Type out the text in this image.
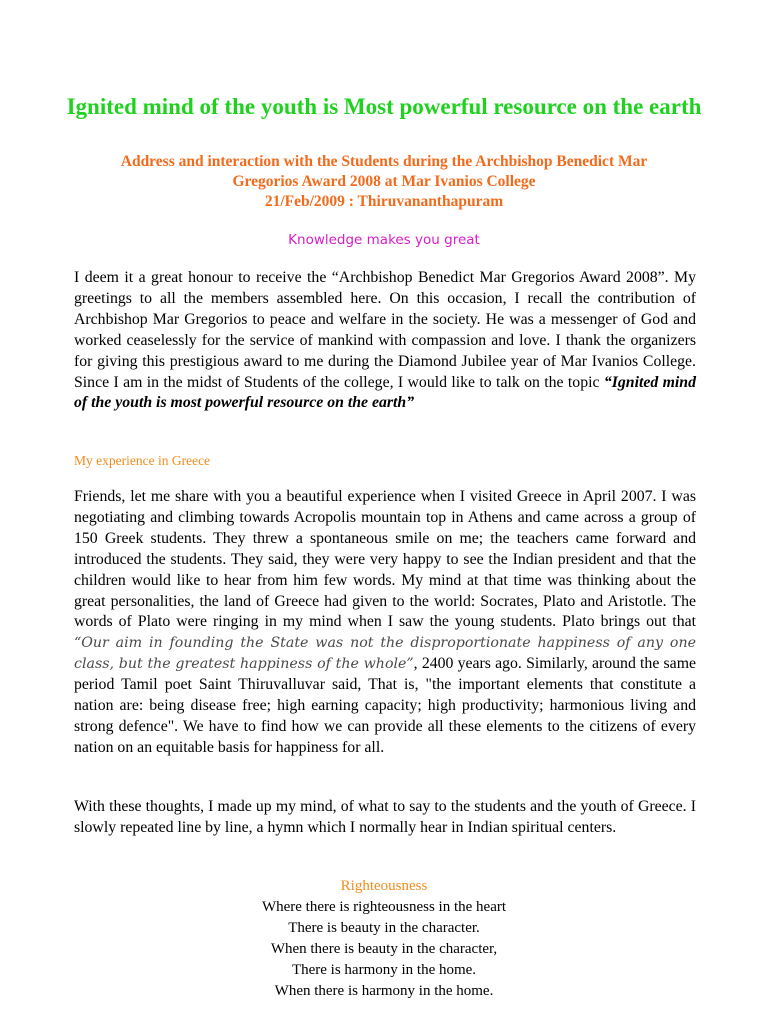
Ignited mind of the youth is Most powerful resource on the earth
Address and interaction with the Students during the Archbishop Benedict Mar
Gregorios Award 2008 at Mar Ivanios College
21/Feb/2009 : Thiruvananthapuram

Knowledge makes you great

I deem it a great honour to receive the “Archbishop Benedict Mar Gregorios Award 2008”. My greetings to all the members assembled here. On this occasion, I recall the contribution of Archbishop Mar Gregorios to peace and welfare in the society. He was a messenger of God and worked ceaselessly for the service of mankind with compassion and love. I thank the organizers for giving this prestigious award to me during the Diamond Jubilee year of Mar Ivanios College. Since I am in the midst of Students of the college, I would like to talk on the topic “Ignited mind of the youth is most powerful resource on the earth”

My experience in Greece

Friends, let me share with you a beautiful experience when I visited Greece in April 2007. I was negotiating and climbing towards Acropolis mountain top in Athens and came across a group of 150 Greek students. They threw a spontaneous smile on me; the teachers came forward and introduced the students. They said, they were very happy to see the Indian president and that the children would like to hear from him few words. My mind at that time was thinking about the great personalities, the land of Greece had given to the world: Socrates, Plato and Aristotle. The words of Plato were ringing in my mind when I saw the young students. Plato brings out that “Our aim in founding the State was not the disproportionate happiness of any one class, but the greatest happiness of the whole”, 2400 years ago. Similarly, around the same period Tamil poet Saint Thiruvalluvar said, That is, "the important elements that constitute a nation are: being disease free; high earning capacity; high productivity; harmonious living and strong defence". We have to find how we can provide all these elements to the citizens of every nation on an equitable basis for happiness for all.

With these thoughts, I made up my mind, of what to say to the students and the youth of Greece. I slowly repeated line by line, a hymn which I normally hear in Indian spiritual centers.

Righteousness
Where there is righteousness in the heart
There is beauty in the character.
When there is beauty in the character,
There is harmony in the home.
When there is harmony in the home.
